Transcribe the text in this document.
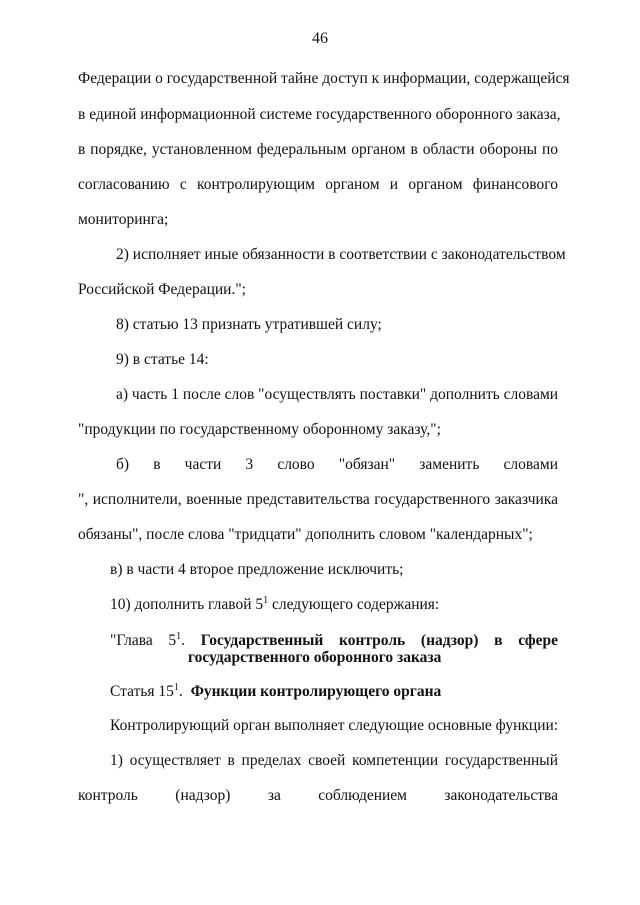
46
Федерации о государственной тайне доступ к информации, содержащейся
в единой информационной системе государственного оборонного заказа,
в порядке, установленном федеральным органом в области обороны по
согласованию с контролирующим органом и органом финансового
мониторинга;
2) исполняет иные обязанности в соответствии с законодательством
Российской Федерации.";
8) статью 13 признать утратившей силу;
9) в статье 14:
а) часть 1 после слов "осуществлять поставки" дополнить словами
"продукции по государственному оборонному заказу,";
б) в части 3 слово "обязан" заменить словами
", исполнители, военные представительства государственного заказчика
обязаны", после слова "тридцати" дополнить словом "календарных";
в) в части 4 второе предложение исключить;
10) дополнить главой $5^1$ следующего содержания:
"Глава $5^1$. Государственный контроль (надзор) в сфере
государственного оборонного заказа
Статья $15^1$. Функции контролирующего органа
Контролирующий орган выполняет следующие основные функции:
1) осуществляет в пределах своей компетенции государственный
контроль (надзор) за соблюдением законодательства
